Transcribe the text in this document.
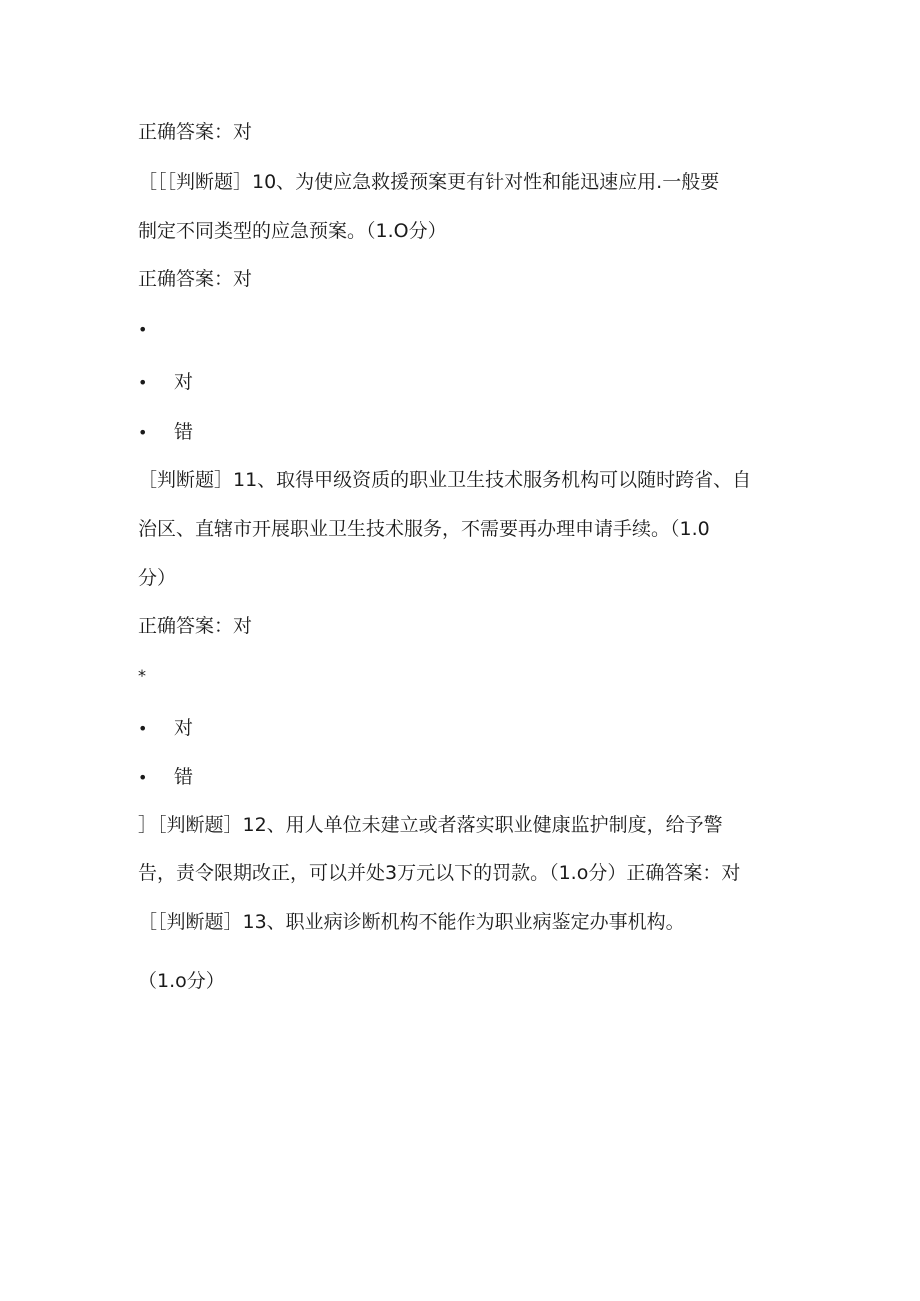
正确答案：对
［［［判断题］10、为使应急救援预案更有针对性和能迅速应用.一般要
制定不同类型的应急预案。（1.O分）
正确答案：对
•
• 对
• 错
［判断题］11、取得甲级资质的职业卫生技术服务机构可以随时跨省、自
治区、直辖市开展职业卫生技术服务，不需要再办理申请手续。（1.0
分）
正确答案：对
*
• 对
• 错
］［判断题］12、用人单位未建立或者落实职业健康监护制度，给予警
告，责令限期改正，可以并处3万元以下的罚款。（1.o分）正确答案：对
［［判断题］13、职业病诊断机构不能作为职业病鉴定办事机构。
（1.o分）
